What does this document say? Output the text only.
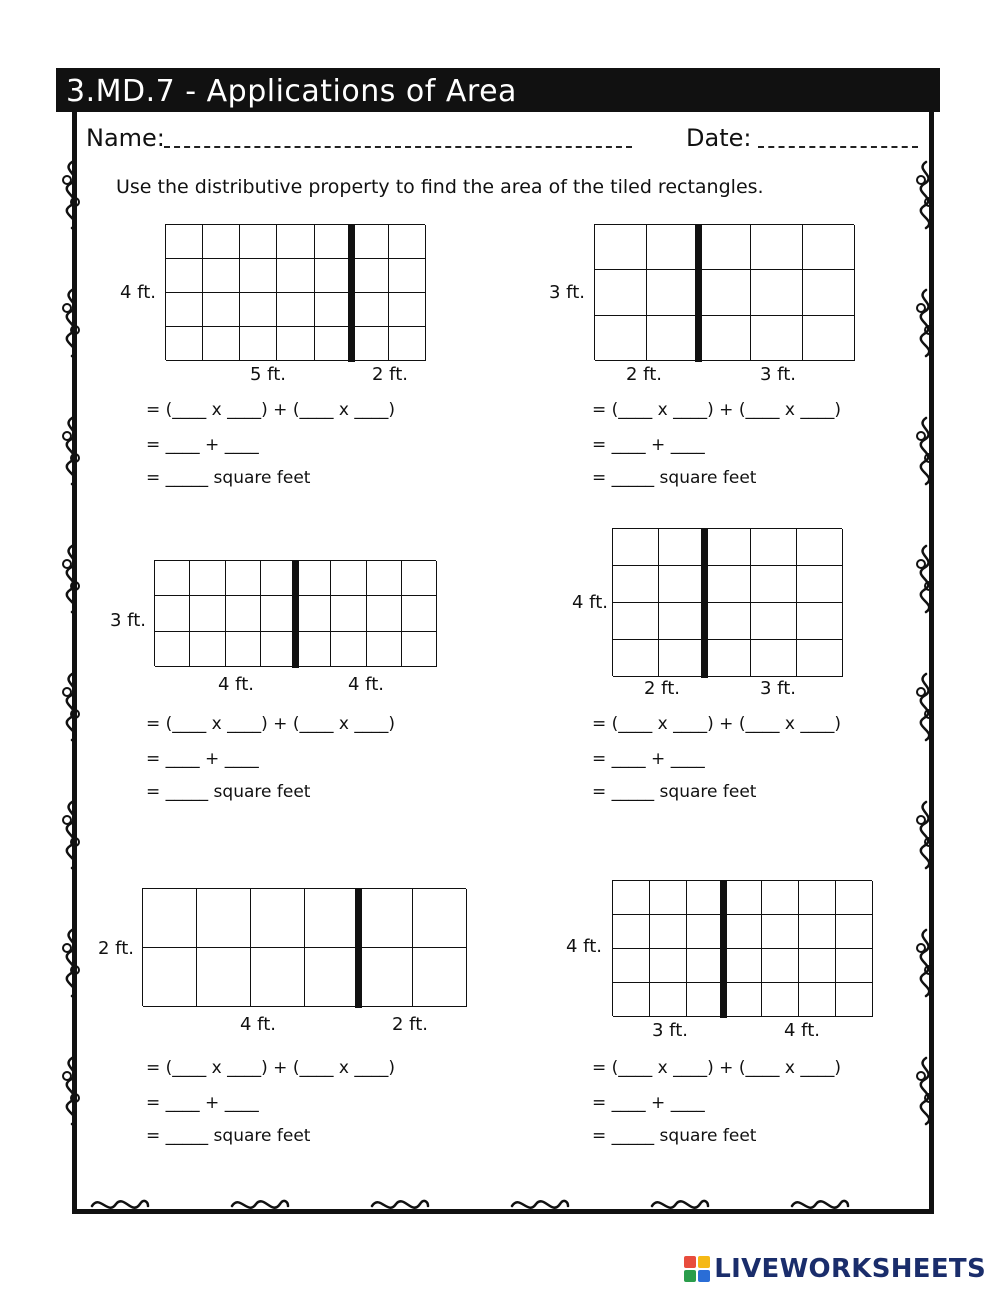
3.MD.7 - Applications of Area
Name:	Date:
Use the distributive property to find the area of the tiled rectangles.
LIVEWORKSHEETS
4 ft.
5 ft.	2 ft.
= (____ x ____) + (____ x ____)
= ____ + ____
= _____ square feet
3 ft.
2 ft.	3 ft.
= (____ x ____) + (____ x ____)
= ____ + ____
= _____ square feet
3 ft.
4 ft.	4 ft.
= (____ x ____) + (____ x ____)
= ____ + ____
= _____ square feet
4 ft.
2 ft.	3 ft.
= (____ x ____) + (____ x ____)
= ____ + ____
= _____ square feet
2 ft.
4 ft.	2 ft.
= (____ x ____) + (____ x ____)
= ____ + ____
= _____ square feet
4 ft.
3 ft.	4 ft.
= (____ x ____) + (____ x ____)
= ____ + ____
= _____ square feet
